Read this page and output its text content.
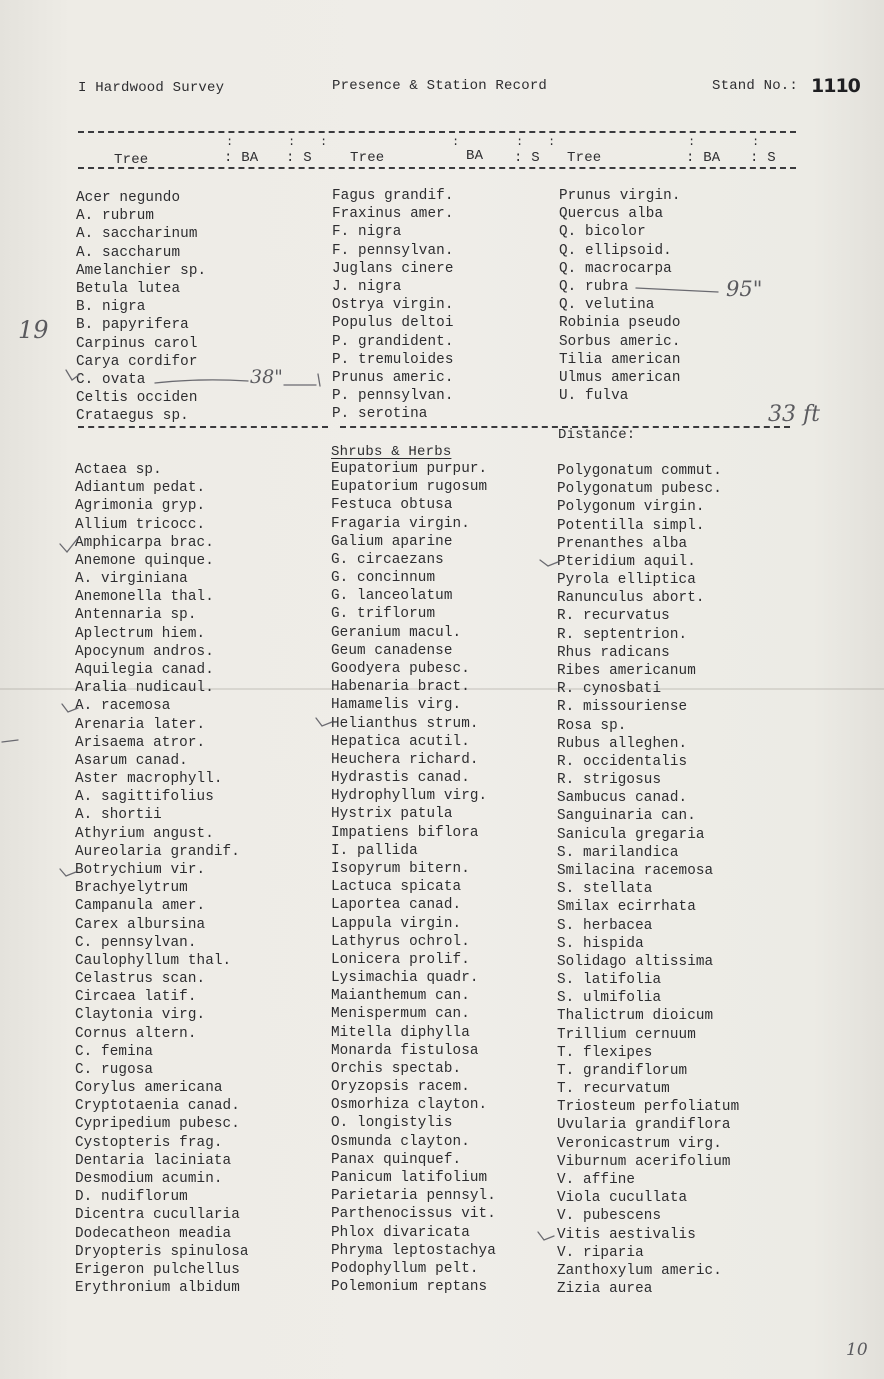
I Hardwood Survey	Presence & Station Record	Stand No.: 1110
:	: :	:	: :	:	:
Tree	: BA : S	Tree	BA : S Tree	: BA : S
Acer negundo
A. rubrum
A. saccharinum
A. saccharum
Amelanchier sp.
Betula lutea
B. nigra
B. papyrifera
Carpinus carol
Carya cordifor
C. ovata
Celtis occiden
Crataegus sp.
Fagus grandif.
Fraxinus amer.
F. nigra
F. pennsylvan.
Juglans cinere
J. nigra
Ostrya virgin.
Populus deltoi
P. grandident.
P. tremuloides
Prunus americ.
P. pennsylvan.
P. serotina
Prunus virgin.
Quercus alba
Q. bicolor
Q. ellipsoid.
Q. macrocarpa
Q. rubra
Q. velutina
Robinia pseudo
Sorbus americ.
Tilia american
Ulmus american
U. fulva
Distance:
Shrubs & Herbs
Actaea sp.
Adiantum pedat.
Agrimonia gryp.
Allium tricocc.
Amphicarpa brac.
Anemone quinque.
A. virginiana
Anemonella thal.
Antennaria sp.
Aplectrum hiem.
Apocynum andros.
Aquilegia canad.
Aralia nudicaul.
A. racemosa
Arenaria later.
Arisaema atror.
Asarum canad.
Aster macrophyll.
A. sagittifolius
A. shortii
Athyrium angust.
Aureolaria grandif.
Botrychium vir.
Brachyelytrum
Campanula amer.
Carex albursina
C. pennsylvan.
Caulophyllum thal.
Celastrus scan.
Circaea latif.
Claytonia virg.
Cornus altern.
C. femina
C. rugosa
Corylus americana
Cryptotaenia canad.
Cypripedium pubesc.
Cystopteris frag.
Dentaria laciniata
Desmodium acumin.
D. nudiflorum
Dicentra cucullaria
Dodecatheon meadia
Dryopteris spinulosa
Erigeron pulchellus
Erythronium albidum
Eupatorium purpur.
Eupatorium rugosum
Festuca obtusa
Fragaria virgin.
Galium aparine
G. circaezans
G. concinnum
G. lanceolatum
G. triflorum
Geranium macul.
Geum canadense
Goodyera pubesc.
Habenaria bract.
Hamamelis virg.
Helianthus strum.
Hepatica acutil.
Heuchera richard.
Hydrastis canad.
Hydrophyllum virg.
Hystrix patula
Impatiens biflora
I. pallida
Isopyrum bitern.
Lactuca spicata
Laportea canad.
Lappula virgin.
Lathyrus ochrol.
Lonicera prolif.
Lysimachia quadr.
Maianthemum can.
Menispermum can.
Mitella diphylla
Monarda fistulosa
Orchis spectab.
Oryzopsis racem.
Osmorhiza clayton.
O. longistylis
Osmunda clayton.
Panax quinquef.
Panicum latifolium
Parietaria pennsyl.
Parthenocissus vit.
Phlox divaricata
Phryma leptostachya
Podophyllum pelt.
Polemonium reptans
Polygonatum commut.
Polygonatum pubesc.
Polygonum virgin.
Potentilla simpl.
Prenanthes alba
Pteridium aquil.
Pyrola elliptica
Ranunculus abort.
R. recurvatus
R. septentrion.
Rhus radicans
Ribes americanum
R. cynosbati
R. missouriense
Rosa sp.
Rubus alleghen.
R. occidentalis
R. strigosus
Sambucus canad.
Sanguinaria can.
Sanicula gregaria
S. marilandica
Smilacina racemosa
S. stellata
Smilax ecirrhata
S. herbacea
S. hispida
Solidago altissima
S. latifolia
S. ulmifolia
Thalictrum dioicum
Trillium cernuum
T. flexipes
T. grandiflorum
T. recurvatum
Triosteum perfoliatum
Uvularia grandiflora
Veronicastrum virg.
Viburnum acerifolium
V. affine
Viola cucullata
V. pubescens
Vitis aestivalis
V. riparia
Zanthoxylum americ.
Zizia aurea
19
38"
95"
33 ft
10
